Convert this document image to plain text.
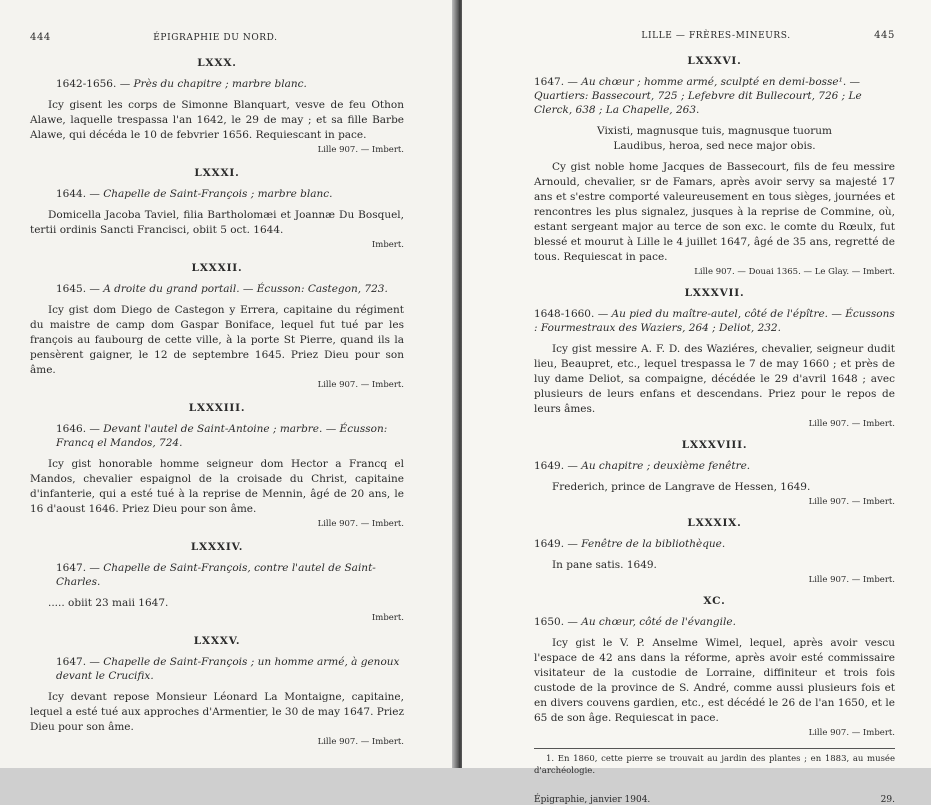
444	ÉPIGRAPHIE DU NORD.
LXXX.
1642-1656. — Près du chapitre ; marbre blanc.
Icy gisent les corps de Simonne Blanquart, vesve de feu Othon Alawe, laquelle trespassa l'an 1642, le 29 de may ; et sa fille Barbe Alawe, qui décéda le 10 de febvrier 1656. Requiescant in pace.
Lille 907. — Imbert.
LXXXI.
1644. — Chapelle de Saint-François ; marbre blanc.
Domicella Jacoba Taviel, filia Bartholomæi et Joannæ Du Bosquel, tertii ordinis Sancti Francisci, obiit 5 oct. 1644.
Imbert.
LXXXII.
1645. — A droite du grand portail. — Écusson: Castegon, 723.
Icy gist dom Diego de Castegon y Errera, capitaine du régiment du maistre de camp dom Gaspar Boniface, lequel fut tué par les françois au faubourg de cette ville, à la porte St Pierre, quand ils la pensèrent gaigner, le 12 de septembre 1645. Priez Dieu pour son âme.
Lille 907. — Imbert.
LXXXIII.
1646. — Devant l'autel de Saint-Antoine ; marbre. — Écusson: Francq el Mandos, 724.
Icy gist honorable homme seigneur dom Hector a Francq el Mandos, chevalier espaignol de la croisade du Christ, capitaine d'infanterie, qui a esté tué à la reprise de Mennin, âgé de 20 ans, le 16 d'aoust 1646. Priez Dieu pour son âme.
Lille 907. — Imbert.
LXXXIV.
1647. — Chapelle de Saint-François, contre l'autel de Saint-Charles.
..... obiit 23 maii 1647.
Imbert.
LXXXV.
1647. — Chapelle de Saint-François ; un homme armé, à genoux devant le Crucifix.
Icy devant repose Monsieur Léonard La Montaigne, capitaine, lequel a esté tué aux approches d'Armentier, le 30 de may 1647. Priez Dieu pour son âme.
Lille 907. — Imbert.
LILLE — FRÈRES-MINEURS.	445
LXXXVI.
1647. — Au chœur ; homme armé, sculpté en demi-bosse¹. — Quartiers: Bassecourt, 725 ; Lefebvre dit Bullecourt, 726 ; Le Clerck, 638 ; La Chapelle, 263.
Vixisti, magnusque tuis, magnusque tuorum
Laudibus, heroa, sed nece major obis.
Cy gist noble home Jacques de Bassecourt, fils de feu messire Arnould, chevalier, sr de Famars, après avoir servy sa majesté 17 ans et s'estre comporté valeureusement en tous sièges, journées et rencontres les plus signalez, jusques à la reprise de Commine, où, estant sergeant major au terce de son exc. le comte du Rœulx, fut blessé et mourut à Lille le 4 juillet 1647, âgé de 35 ans, regretté de tous. Requiescat in pace.
Lille 907. — Douai 1365. — Le Glay. — Imbert.
LXXXVII.
1648-1660. — Au pied du maître-autel, côté de l'épître. — Écussons : Fourmestraux des Waziers, 264 ; Deliot, 232.
Icy gist messire A. F. D. des Waziéres, chevalier, seigneur dudit lieu, Beaupret, etc., lequel trespassa le 7 de may 1660 ; et près de luy dame Deliot, sa compaigne, décédée le 29 d'avril 1648 ; avec plusieurs de leurs enfans et descendans. Priez pour le repos de leurs âmes.
Lille 907. — Imbert.
LXXXVIII.
1649. — Au chapitre ; deuxième fenêtre.
Frederich, prince de Langrave de Hessen, 1649.
Lille 907. — Imbert.
LXXXIX.
1649. — Fenêtre de la bibliothèque.
In pane satis. 1649.
Lille 907. — Imbert.
XC.
1650. — Au chœur, côté de l'évangile.
Icy gist le V. P. Anselme Wimel, lequel, après avoir vescu l'espace de 42 ans dans la réforme, après avoir esté commissaire visitateur de la custodie de Lorraine, diffiniteur et trois fois custode de la province de S. André, comme aussi plusieurs fois et en divers couvens gardien, etc., est décédé le 26 de l'an 1650, et le 65 de son âge. Requiescat in pace.
Lille 907. — Imbert.
1. En 1860, cette pierre se trouvait au jardin des plantes ; en 1883, au musée d'archéologie.
Épigraphie, janvier 1904.	29.
